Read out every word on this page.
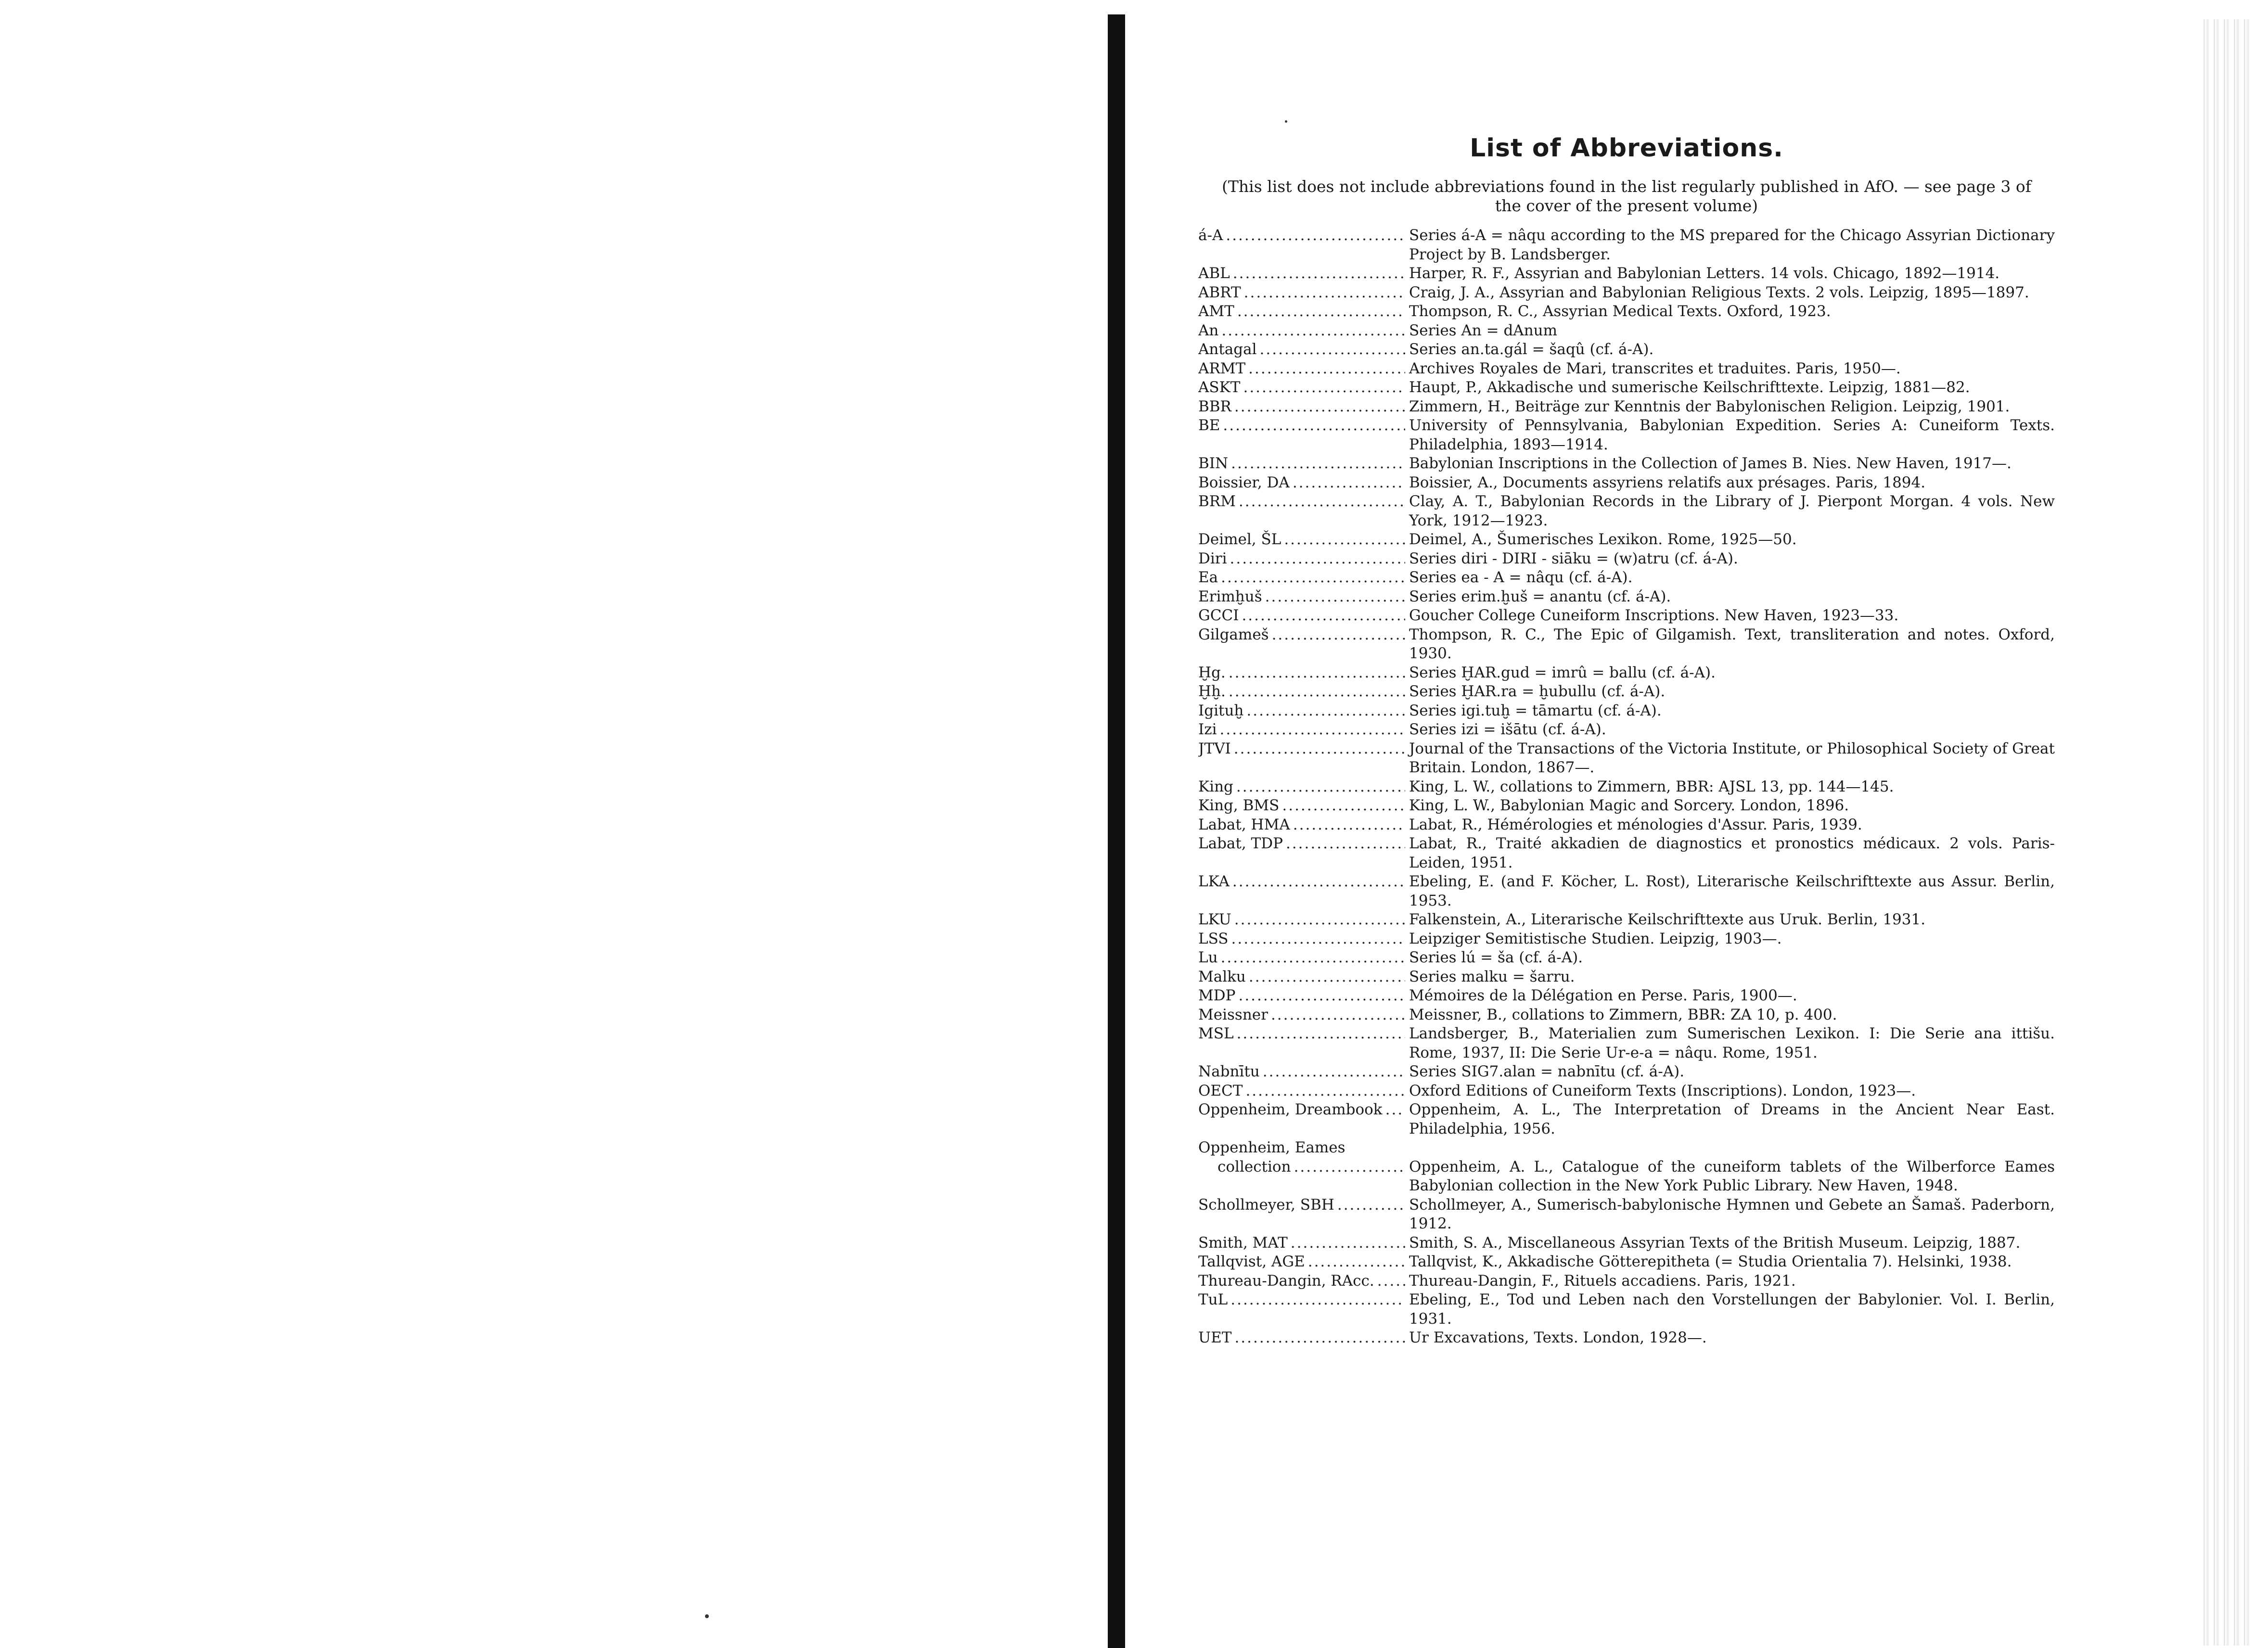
List of Abbreviations.
(This list does not include abbreviations found in the list regularly published in AfO. — see page 3 of the cover of the present volume)
á-A .....	Series á-A = nâqu according to the MS prepared for the Chicago Assyrian Dictionary Project by B. Landsberger.
ABL .....	Harper, R. F., Assyrian and Babylonian Letters. 14 vols. Chicago, 1892—1914.
ABRT .....	Craig, J. A., Assyrian and Babylonian Religious Texts. 2 vols. Leipzig, 1895—1897.
AMT .....	Thompson, R. C., Assyrian Medical Texts. Oxford, 1923.
An .....	Series An = dAnum
Antagal .....	Series an.ta.gál = šaqû (cf. á-A).
ARMT .....	Archives Royales de Mari, transcrites et traduites. Paris, 1950—.
ASKT .....	Haupt, P., Akkadische und sumerische Keilschrifttexte. Leipzig, 1881—82.
BBR .....	Zimmern, H., Beiträge zur Kenntnis der Babylonischen Religion. Leipzig, 1901.
BE .....	University of Pennsylvania, Babylonian Expedition. Series A: Cuneiform Texts. Philadelphia, 1893—1914.
BIN .....	Babylonian Inscriptions in the Collection of James B. Nies. New Haven, 1917—.
Boissier, DA .....	Boissier, A., Documents assyriens relatifs aux présages. Paris, 1894.
BRM .....	Clay, A. T., Babylonian Records in the Library of J. Pierpont Morgan. 4 vols. New York, 1912—1923.
Deimel, ŠL .....	Deimel, A., Šumerisches Lexikon. Rome, 1925—50.
Diri .....	Series diri - DIRI - siāku = (w)atru (cf. á-A).
Ea .....	Series ea - A = nâqu (cf. á-A).
Erimḫuš .....	Series erim.ḫuš = anantu (cf. á-A).
GCCI .....	Goucher College Cuneiform Inscriptions. New Haven, 1923—33.
Gilgameš .....	Thompson, R. C., The Epic of Gilgamish. Text, transliteration and notes. Oxford, 1930.
Ḫg. .....	Series ḪAR.gud = imrû = ballu (cf. á-A).
Ḫḫ. .....	Series ḪAR.ra = ḫubullu (cf. á-A).
Igituḫ .....	Series igi.tuḫ = tāmartu (cf. á-A).
Izi .....	Series izi = išātu (cf. á-A).
JTVI .....	Journal of the Transactions of the Victoria Institute, or Philosophical Society of Great Britain. London, 1867—.
King .....	King, L. W., collations to Zimmern, BBR: AJSL 13, pp. 144—145.
King, BMS .....	King, L. W., Babylonian Magic and Sorcery. London, 1896.
Labat, HMA .....	Labat, R., Hémérologies et ménologies d'Assur. Paris, 1939.
Labat, TDP .....	Labat, R., Traité akkadien de diagnostics et pronostics médicaux. 2 vols. Paris-Leiden, 1951.
LKA .....	Ebeling, E. (and F. Köcher, L. Rost), Literarische Keilschrifttexte aus Assur. Berlin, 1953.
LKU .....	Falkenstein, A., Literarische Keilschrifttexte aus Uruk. Berlin, 1931.
LSS .....	Leipziger Semitistische Studien. Leipzig, 1903—.
Lu .....	Series lú = ša (cf. á-A).
Malku .....	Series malku = šarru.
MDP .....	Mémoires de la Délégation en Perse. Paris, 1900—.
Meissner .....	Meissner, B., collations to Zimmern, BBR: ZA 10, p. 400.
MSL .....	Landsberger, B., Materialien zum Sumerischen Lexikon. I: Die Serie ana ittišu. Rome, 1937, II: Die Serie Ur-e-a = nâqu. Rome, 1951.
Nabnītu .....	Series SIG7.alan = nabnītu (cf. á-A).
OECT .....	Oxford Editions of Cuneiform Texts (Inscriptions). London, 1923—.
Oppenheim, Dreambook ..... Oppenheim, A. L., The Interpretation of Dreams in the Ancient Near East. Philadelphia, 1956.
Oppenheim, Eames
collection .....	Oppenheim, A. L., Catalogue of the cuneiform tablets of the Wilberforce Eames Babylonian collection in the New York Public Library. New Haven, 1948.
Schollmeyer, SBH .....	Schollmeyer, A., Sumerisch-babylonische Hymnen und Gebete an Šamaš. Paderborn, 1912.
Smith, MAT .....	Smith, S. A., Miscellaneous Assyrian Texts of the British Museum. Leipzig, 1887.
Tallqvist, AGE .....	Tallqvist, K., Akkadische Götterepitheta (= Studia Orientalia 7). Helsinki, 1938.
Thureau-Dangin, RAcc. ..... Thureau-Dangin, F., Rituels accadiens. Paris, 1921.
TuL .....	Ebeling, E., Tod und Leben nach den Vorstellungen der Babylonier. Vol. I. Berlin, 1931.
UET .....	Ur Excavations, Texts. London, 1928—.
